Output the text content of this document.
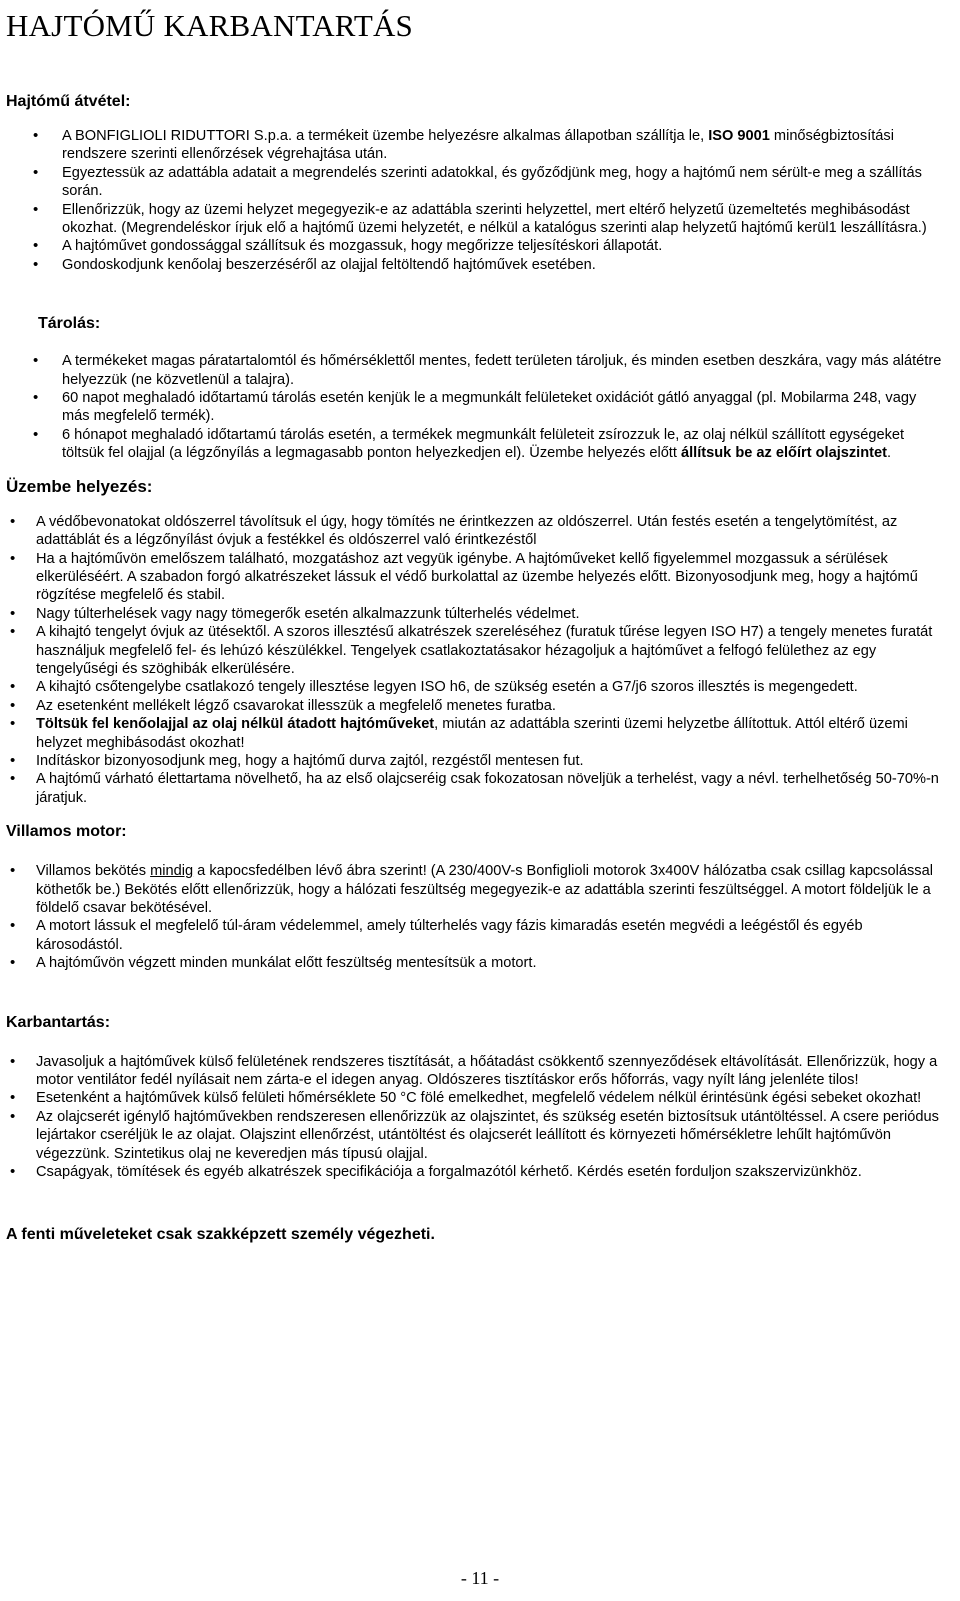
HAJTÓMŰ KARBANTARTÁS
Hajtómű átvétel:
• A BONFIGLIOLI RIDUTTORI S.p.a. a termékeit üzembe helyezésre alkalmas állapotban szállítja le, ISO 9001 minőségbiztosítási rendszere szerinti ellenőrzések végrehajtása után.
• Egyeztessük az adattábla adatait a megrendelés szerinti adatokkal, és győződjünk meg, hogy a hajtómű nem sérült-e meg a szállítás során.
• Ellenőrizzük, hogy az üzemi helyzet megegyezik-e az adattábla szerinti helyzettel, mert eltérő helyzetű üzemeltetés meghibásodást okozhat. (Megrendeléskor írjuk elő a hajtómű üzemi helyzetét, e nélkül a katalógus szerinti alap helyzetű hajtómű kerül1 leszállításra.)
• A hajtóművet gondossággal szállítsuk és mozgassuk, hogy megőrizze teljesítéskori állapotát.
• Gondoskodjunk kenőolaj beszerzéséről az olajjal feltöltendő hajtóművek esetében.
Tárolás:
• A termékeket magas páratartalomtól és hőmérséklettől mentes, fedett területen tároljuk, és minden esetben deszkára, vagy más alátétre helyezzük (ne közvetlenül a talajra).
• 60 napot meghaladó időtartamú tárolás esetén kenjük le a megmunkált felületeket oxidációt gátló anyaggal (pl. Mobilarma 248, vagy más megfelelő termék).
• 6 hónapot meghaladó időtartamú tárolás esetén, a termékek megmunkált felületeit zsírozzuk le, az olaj nélkül szállított egységeket töltsük fel olajjal (a légzőnyílás a legmagasabb ponton helyezkedjen el). Üzembe helyezés előtt állítsuk be az előírt olajszintet.
Üzembe helyezés:
• A védőbevonatokat oldószerrel távolítsuk el úgy, hogy tömítés ne érintkezzen az oldószerrel. Után festés esetén a tengelytömítést, az adattáblát és a légzőnyílást óvjuk a festékkel és oldószerrel való érintkezéstől
• Ha a hajtóművön emelőszem található, mozgatáshoz azt vegyük igénybe. A hajtóműveket kellő figyelemmel mozgassuk a sérülések elkerüléséért. A szabadon forgó alkatrészeket lássuk el védő burkolattal az üzembe helyezés előtt. Bizonyosodjunk meg, hogy a hajtómű rögzítése megfelelő és stabil.
• Nagy túlterhelések vagy nagy tömegerők esetén alkalmazzunk túlterhelés védelmet.
• A kihajtó tengelyt óvjuk az ütésektől. A szoros illesztésű alkatrészek szereléséhez (furatuk tűrése legyen ISO H7) a tengely menetes furatát használjuk megfelelő fel- és lehúzó készülékkel. Tengelyek csatlakoztatásakor hézagoljuk a hajtóművet a felfogó felülethez az egy tengelyűségi és szöghibák elkerülésére.
• A kihajtó csőtengelybe csatlakozó tengely illesztése legyen ISO h6, de szükség esetén a G7/j6 szoros illesztés is megengedett.
• Az esetenként mellékelt légző csavarokat illesszük a megfelelő menetes furatba.
• Töltsük fel kenőolajjal az olaj nélkül átadott hajtóműveket, miután az adattábla szerinti üzemi helyzetbe állítottuk. Attól eltérő üzemi helyzet meghibásodást okozhat!
• Indításkor bizonyosodjunk meg, hogy a hajtómű durva zajtól, rezgéstől mentesen fut.
• A hajtómű várható élettartama növelhető, ha az első olajcseréig csak fokozatosan növeljük a terhelést, vagy a névl. terhelhetőség 50-70%-n járatjuk.
Villamos motor:
• Villamos bekötés mindig a kapocsfedélben lévő ábra szerint! (A 230/400V-s Bonfiglioli motorok 3x400V hálózatba csak csillag kapcsolással köthetők be.) Bekötés előtt ellenőrizzük, hogy a hálózati feszültség megegyezik-e az adattábla szerinti feszültséggel. A motort földeljük le a földelő csavar bekötésével.
• A motort lássuk el megfelelő túl-áram védelemmel, amely túlterhelés vagy fázis kimaradás esetén megvédi a leégéstől és egyéb károsodástól.
• A hajtóművön végzett minden munkálat előtt feszültség mentesítsük a motort.
Karbantartás:
• Javasoljuk a hajtóművek külső felületének rendszeres tisztítását, a hőátadást csökkentő szennyeződések eltávolítását. Ellenőrizzük, hogy a motor ventilátor fedél nyílásait nem zárta-e el idegen anyag. Oldószeres tisztításkor erős hőforrás, vagy nyílt láng jelenléte tilos!
• Esetenként a hajtóművek külső felületi hőmérséklete 50 °C fölé emelkedhet, megfelelő védelem nélkül érintésünk égési sebeket okozhat!
• Az olajcserét igénylő hajtóművekben rendszeresen ellenőrizzük az olajszintet, és szükség esetén biztosítsuk utántöltéssel. A csere periódus lejártakor cseréljük le az olajat. Olajszint ellenőrzést, utántöltést és olajcserét leállított és környezeti hőmérsékletre lehűlt hajtóművön végezzünk. Szintetikus olaj ne keveredjen más típusú olajjal.
• Csapágyak, tömítések és egyéb alkatrészek specifikációja a forgalmazótól kérhető. Kérdés esetén forduljon szakszervizünkhöz.

A fenti műveleteket csak szakképzett személy végezheti.

- 11 -
